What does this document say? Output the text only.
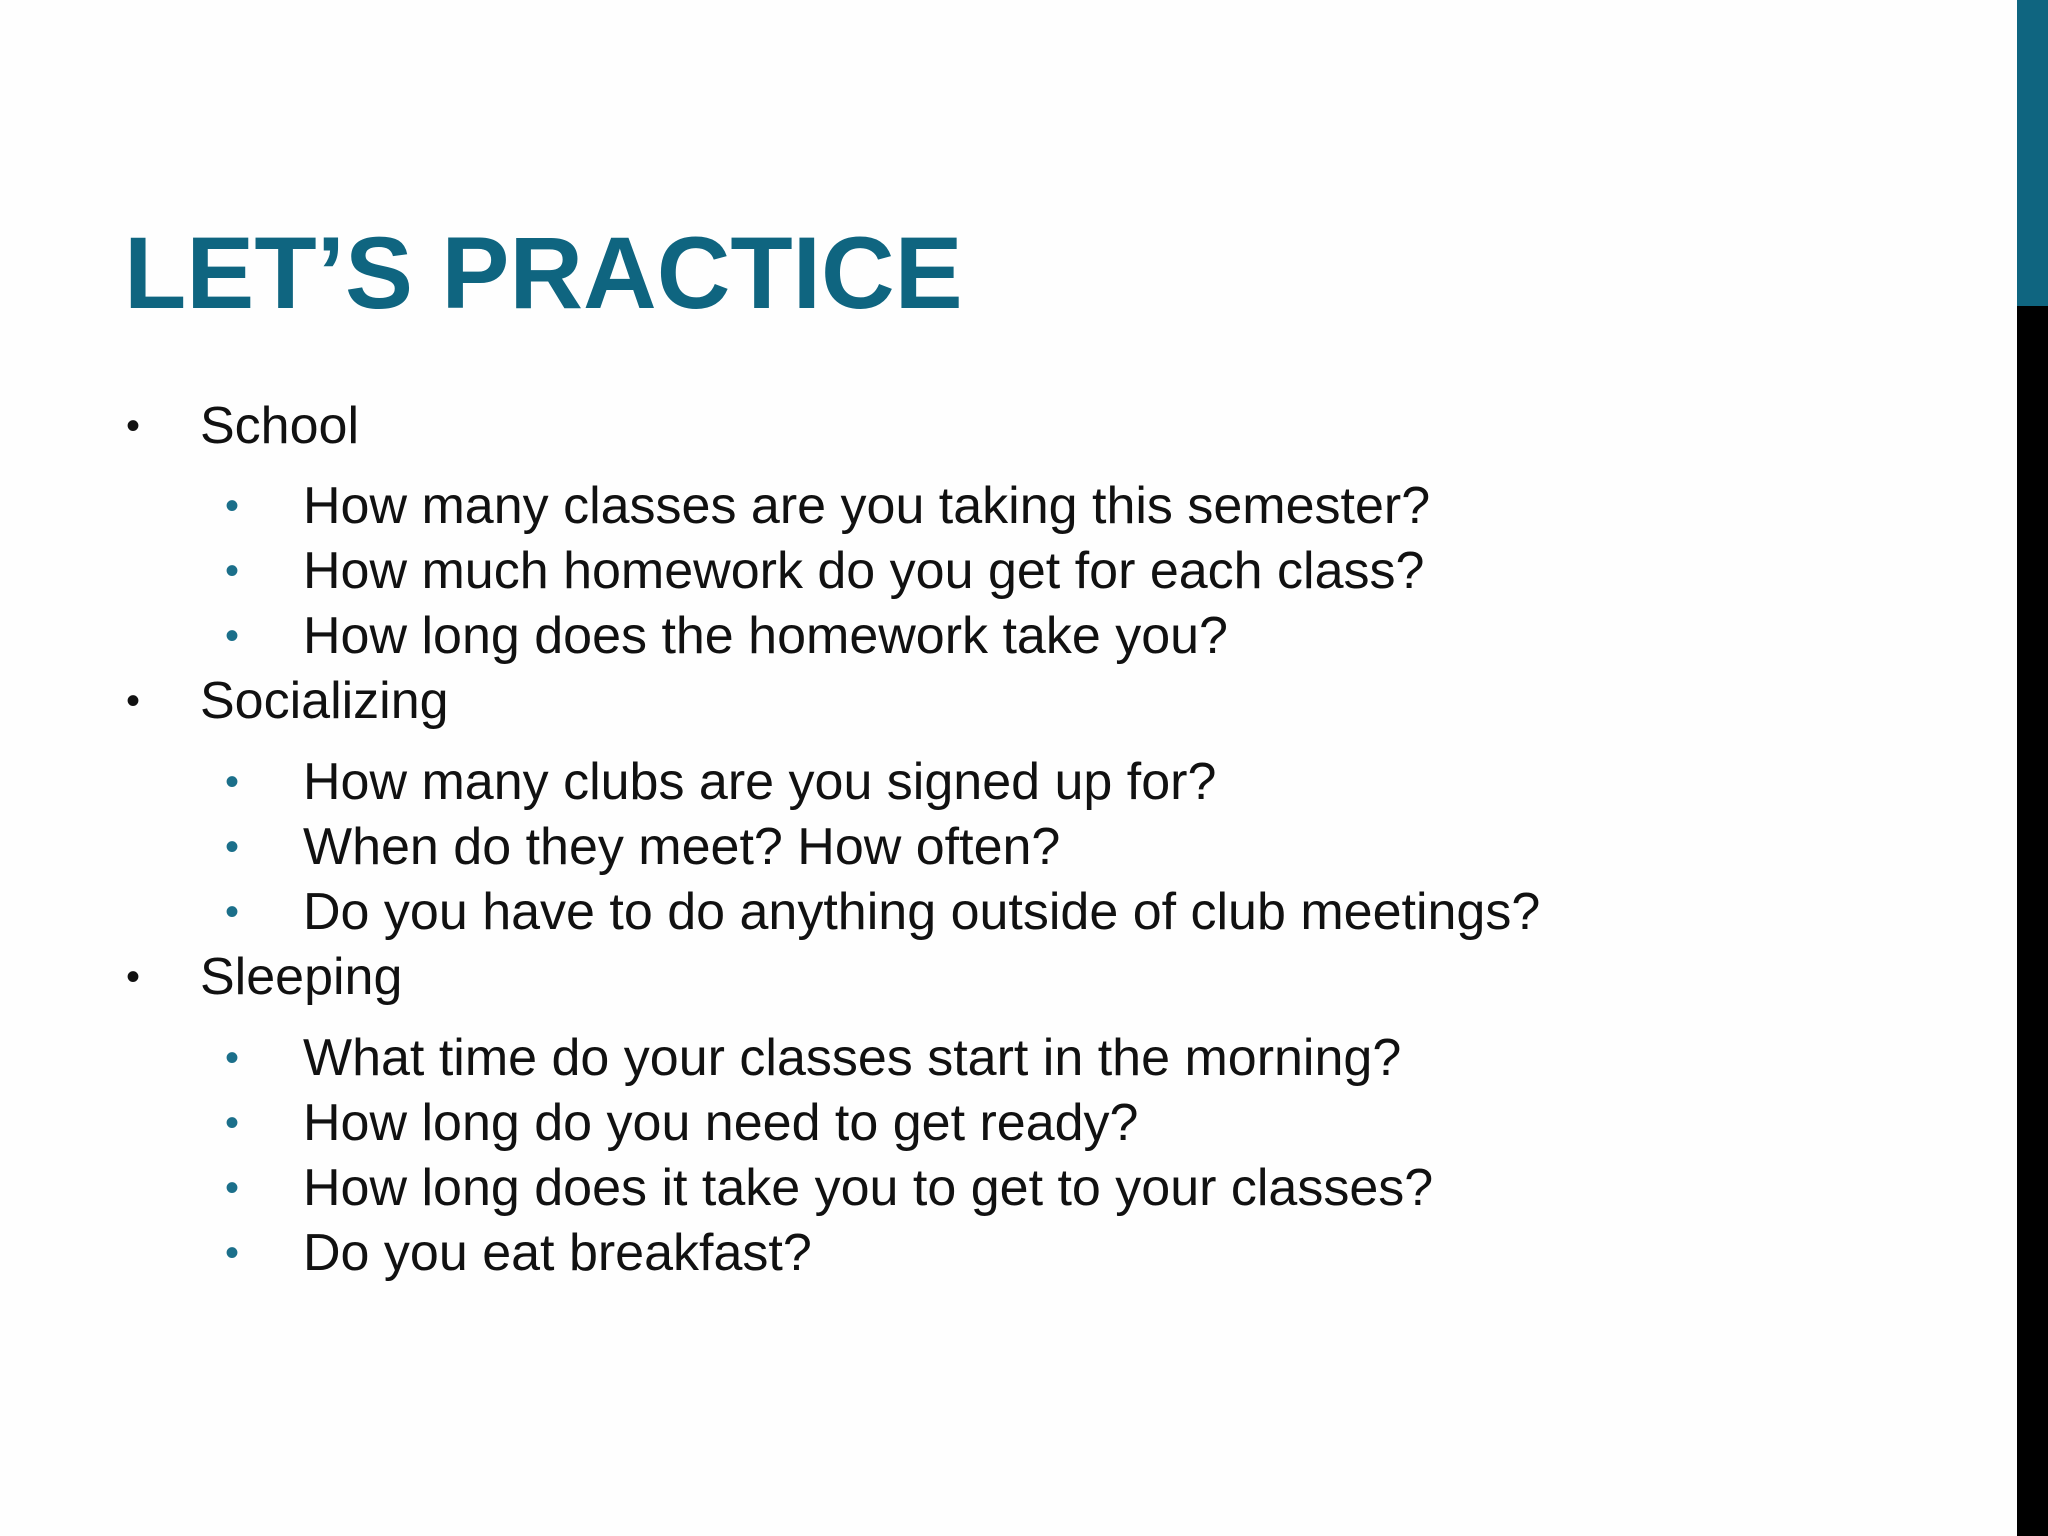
LET’S PRACTICE
• School
• How many classes are you taking this semester?
• How much homework do you get for each class?
• How long does the homework take you?
• Socializing
• How many clubs are you signed up for?
• When do they meet? How often?
• Do you have to do anything outside of club meetings?
• Sleeping
• What time do your classes start in the morning?
• How long do you need to get ready?
• How long does it take you to get to your classes?
• Do you eat breakfast?
